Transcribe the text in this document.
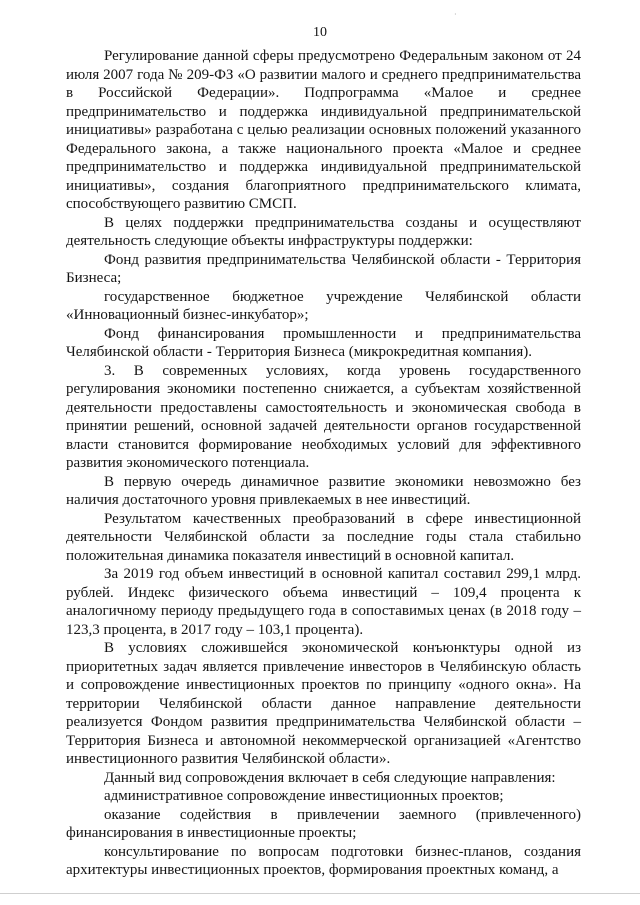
·
10

Регулирование данной сферы предусмотрено Федеральным законом от 24 июля 2007 года № 209-ФЗ «О развитии малого и среднего предпринимательства в Российской Федерации». Подпрограмма «Малое и среднее предпринимательство и поддержка индивидуальной предпринимательской инициативы» разработана с целью реализации основных положений указанного Федерального закона, а также национального проекта «Малое и среднее предпринимательство и поддержка индивидуальной предпринимательской инициативы», создания благоприятного предпринимательского климата, способствующего развитию СМСП.

В целях поддержки предпринимательства созданы и осуществляют деятельность следующие объекты инфраструктуры поддержки:

Фонд развития предпринимательства Челябинской области - Территория Бизнеса;

государственное бюджетное учреждение Челябинской области «Инновационный бизнес-инкубатор»;

Фонд финансирования промышленности и предпринимательства Челябинской области - Территория Бизнеса (микрокредитная компания).

3. В современных условиях, когда уровень государственного регулирования экономики постепенно снижается, а субъектам хозяйственной деятельности предоставлены самостоятельность и экономическая свобода в принятии решений, основной задачей деятельности органов государственной власти становится формирование необходимых условий для эффективного развития экономического потенциала.

В первую очередь динамичное развитие экономики невозможно без наличия достаточного уровня привлекаемых в нее инвестиций.

Результатом качественных преобразований в сфере инвестиционной деятельности Челябинской области за последние годы стала стабильно положительная динамика показателя инвестиций в основной капитал.

За 2019 год объем инвестиций в основной капитал составил 299,1 млрд. рублей. Индекс физического объема инвестиций – 109,4 процента к аналогичному периоду предыдущего года в сопоставимых ценах (в 2018 году – 123,3 процента, в 2017 году – 103,1 процента).

В условиях сложившейся экономической конъюнктуры одной из приоритетных задач является привлечение инвесторов в Челябинскую область и сопровождение инвестиционных проектов по принципу «одного окна». На территории Челябинской области данное направление деятельности реализуется Фондом развития предпринимательства Челябинской области – Территория Бизнеса и автономной некоммерческой организацией «Агентство инвестиционного развития Челябинской области».

Данный вид сопровождения включает в себя следующие направления:

административное сопровождение инвестиционных проектов;

оказание содействия в привлечении заемного (привлеченного) финансирования в инвестиционные проекты;

консультирование по вопросам подготовки бизнес-планов, создания архитектуры инвестиционных проектов, формирования проектных команд, а
